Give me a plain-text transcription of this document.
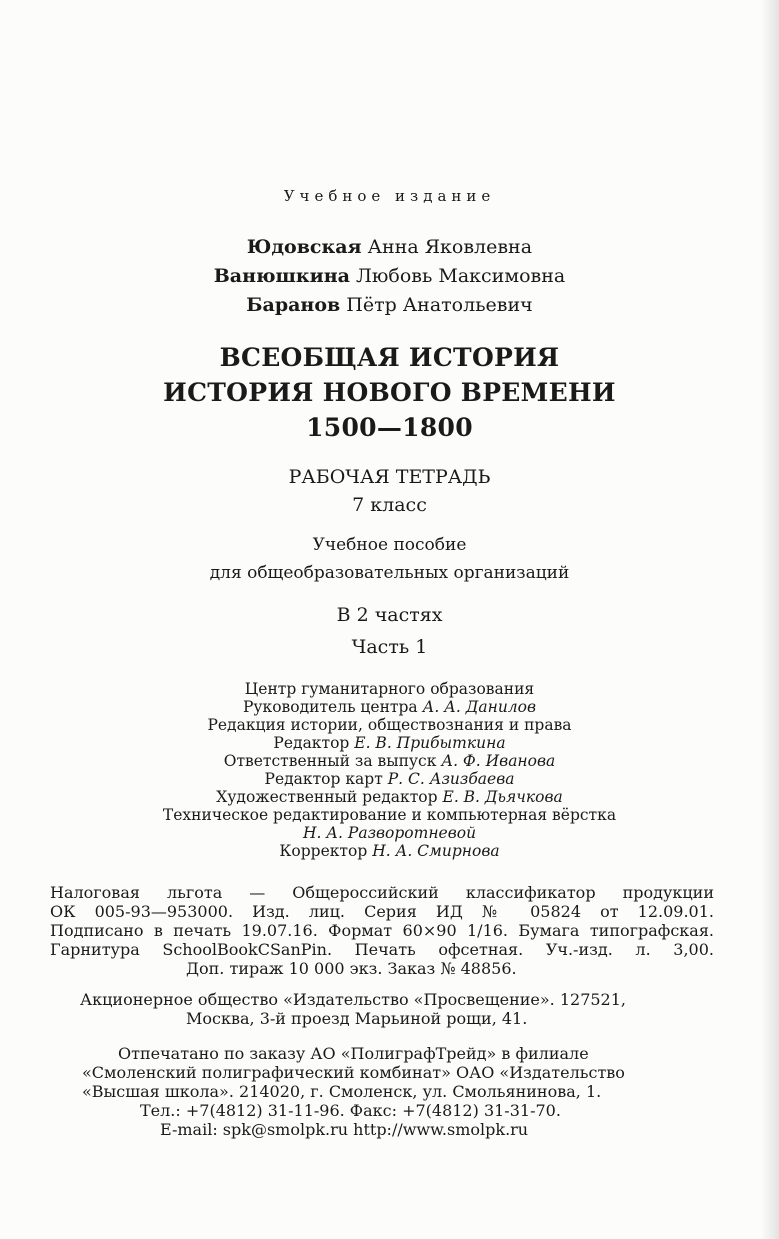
Учебное издание
Юдовская Анна Яковлевна
Ванюшкина Любовь Максимовна
Баранов Пётр Анатольевич
ВСЕОБЩАЯ ИСТОРИЯ
ИСТОРИЯ НОВОГО ВРЕМЕНИ
1500—1800
РАБОЧАЯ ТЕТРАДЬ
7 класс
Учебное пособие
для общеобразовательных организаций
В 2 частях
Часть 1
Центр гуманитарного образования
Руководитель центра А. А. Данилов
Редакция истории, обществознания и права
Редактор Е. В. Прибыткина
Ответственный за выпуск А. Ф. Иванова
Редактор карт Р. С. Азизбаева
Художественный редактор Е. В. Дьячкова
Техническое редактирование и компьютерная вёрстка
Н. А. Разворотневой
Корректор Н. А. Смирнова
Налоговая льгота — Общероссийский классификатор продукции
ОК 005-93—953000. Изд. лиц. Серия ИД № 05824 от 12.09.01.
Подписано в печать 19.07.16. Формат 60×90 1/16. Бумага типографская.
Гарнитура SchoolBookCSanPin. Печать офсетная. Уч.-изд. л. 3,00.
Доп. тираж 10 000 экз. Заказ № 48856.
Акционерное общество «Издательство «Просвещение». 127521,
Москва, 3-й проезд Марьиной рощи, 41.
Отпечатано по заказу АО «ПолиграфТрейд» в филиале
«Смоленский полиграфический комбинат» ОАО «Издательство
«Высшая школа». 214020, г. Смоленск, ул. Смольянинова, 1.
Тел.: +7(4812) 31-11-96. Факс: +7(4812) 31-31-70.
E-mail: spk@smolpk.ru http://www.smolpk.ru
